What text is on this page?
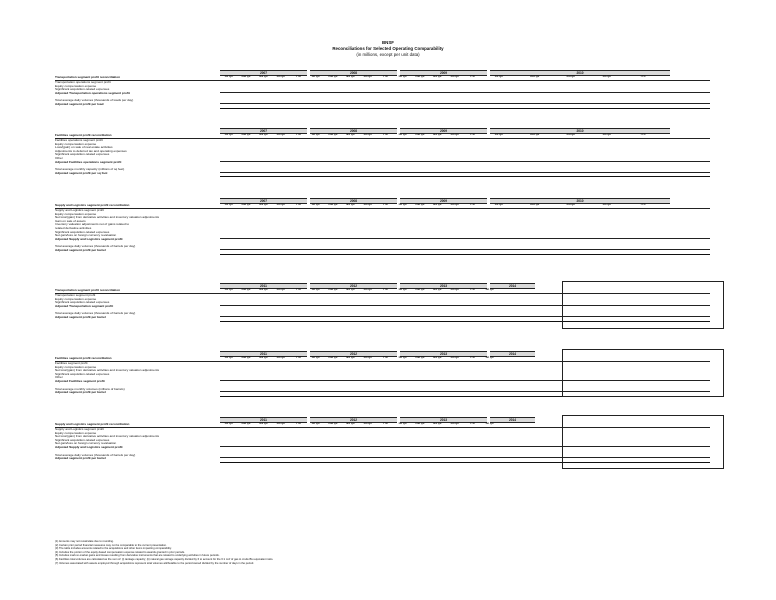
BNSF
Reconciliations for Selected Operating Comparability
(in millions, except per unit data)
Transportation segment profit reconciliation
2007	2008	2009	2010
1st Qtr	2nd Qtr	3rd Qtr	4th Qtr	YTD	1st Qtr	2nd Qtr	3rd Qtr	4th Qtr	YTD	1st Qtr	2nd Qtr	3rd Qtr	4th Qtr	YTD	1st Qtr	2nd Qtr	3rd Qtr	4th Qtr	YTD
Transportation operations segment profit
Equity compensation expense
Significant acquisition-related expenses
Adjusted Transportation operations segment profit
Total average daily volumes (thousands of loads per day)
Adjusted segment profit per load
Facilities segment profit reconciliation
2007	2008	2009	2010
1st Qtr	2nd Qtr	3rd Qtr	4th Qtr	YTD	1st Qtr	2nd Qtr	3rd Qtr	4th Qtr	YTD	1st Qtr	2nd Qtr	3rd Qtr	4th Qtr	YTD	1st Qtr	2nd Qtr	3rd Qtr	4th Qtr	YTD
Facilities operations segment profit
Equity compensation expense
Loss/(gain) on sale of real estate activities
Adjustments to deferred tax and operating expenses
Significant acquisition-related expenses
Other
Adjusted Facilities operations segment profit
Total average monthly capacity (millions of sq feet)
Adjusted segment profit per sq foot
Supply and Logistics segment profit reconciliation
2007	2008	2009	2010
1st Qtr	2nd Qtr	3rd Qtr	4th Qtr	YTD	1st Qtr	2nd Qtr	3rd Qtr	4th Qtr	YTD	1st Qtr	2nd Qtr	3rd Qtr	4th Qtr	YTD	1st Qtr	2nd Qtr	3rd Qtr	4th Qtr	YTD
Supply and Logistics segment profit
Equity compensation expense
Net loss/(gain) from derivative activities and inventory valuation adjustments
Gain on sale of assets
Inventory valuation adjustments net of gains related to
related derivative activities
Significant acquisition-related expenses
Net gain/loss on foreign currency revaluation
Adjusted Supply and Logistics segment profit
Total average daily volumes (thousands of barrels per day)
Adjusted segment profit per barrel
Transportation segment profit reconciliation
2011	2012	2013	2014
1st Qtr	2nd Qtr	3rd Qtr	4th Qtr	YTD	1st Qtr	2nd Qtr	3rd Qtr	4th Qtr	YTD	1st Qtr	2nd Qtr	3rd Qtr	4th Qtr	YTD	1st Qtr
Transportation segment profit
Equity compensation expense
Significant acquisition-related expenses
Adjusted Transportation segment profit
Total average daily volumes (thousands of barrels per day)
Adjusted segment profit per barrel
Facilities segment profit reconciliation
2011	2012	2013	2014
1st Qtr	2nd Qtr	3rd Qtr	4th Qtr	YTD	1st Qtr	2nd Qtr	3rd Qtr	4th Qtr	YTD	1st Qtr	2nd Qtr	3rd Qtr	4th Qtr	YTD	1st Qtr
Facilities segment profit
Equity compensation expense
Net loss/(gain) from derivative activities and inventory valuation adjustments
Significant acquisition-related expenses
Other
Adjusted Facilities segment profit
Total average monthly volumes (millions of barrels)
Adjusted segment profit per barrel
Supply and Logistics segment profit reconciliation
2011	2012	2013	2014
1st Qtr	2nd Qtr	3rd Qtr	4th Qtr	YTD	1st Qtr	2nd Qtr	3rd Qtr	4th Qtr	YTD	1st Qtr	2nd Qtr	3rd Qtr	4th Qtr	YTD	1st Qtr
Supply and Logistics segment profit
Equity compensation expense
Net loss/(gain) from derivative activities and inventory valuation adjustments
Significant acquisition-related expenses
Net gain/loss on foreign currency revaluation
Adjusted Supply and Logistics segment profit
Total average daily volumes (thousands of barrels per day)
Adjusted segment profit per barrel
(1) Amounts may not recalculate due to rounding.
(2) Certain prior period financial measures may not be comparable to the current presentation.
(3) The table includes amounts related to the acquisitions and other items impacting comparability.
(4) Includes the portion of the equity-based compensation expense related to awards granted in prior periods.
(5) Includes mark-to-market gains and losses resulting from derivative instruments that are related to underlying activities in future periods.
(6) Facilities total volumes are calculated as the sum of: (i) tankage capacity; (ii) natural gas storage capacity divided by 6 to account for the 6:1 mcf of gas to crude Btu equivalent ratio.
(7) Volumes associated with assets employed through acquisitions represent total volumes attributable to the period owned divided by the number of days in the period.
